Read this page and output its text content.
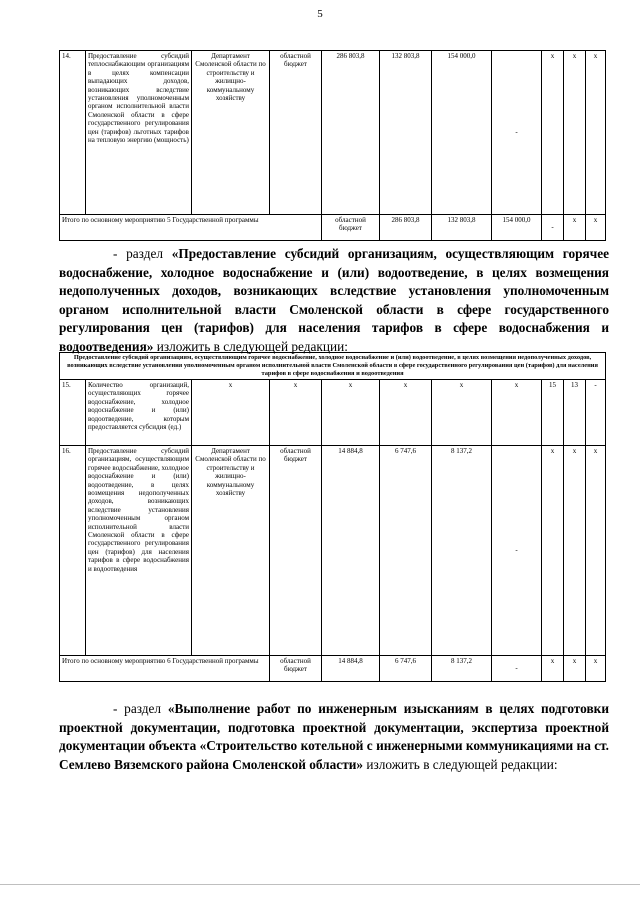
5
14.	Предоставление субсидий теплоснабжающим организациям в целях компенсации выпадающих доходов, возникающих вследствие установления уполномоченным органом исполнительной власти Смоленской области в сфере государственного регулирования цен (тарифов) льготных тарифов на тепловую энергию (мощность)	Департамент Смоленской области по строительству и жилищно-коммунальному хозяйству	областной бюджет	286 803,8	132 803,8	154 000,0	-	х	х	х
Итого по основному мероприятию 5 Государственной программы				областной бюджет	286 803,8	132 803,8	154 000,0	-	х	х
- раздел «Предоставление субсидий организациям, осуществляющим горячее водоснабжение, холодное водоснабжение и (или) водоотведение, в целях возмещения недополученных доходов, возникающих вследствие установления уполномоченным органом исполнительной власти Смоленской области в сфере государственного регулирования цен (тарифов) для населения тарифов в сфере водоснабжения и водоотведения» изложить в следующей редакции:
Предоставление субсидий организациям, осуществляющим горячее водоснабжение, холодное водоснабжение и (или) водоотведение, в целях возмещения недополученных доходов, возникающих вследствие установления уполномоченным органом исполнительной власти Смоленской области в сфере государственного регулирования цен (тарифов) для населения тарифов в сфере водоснабжения и водоотведения										
15.	Количество организаций, осуществляющих горячее водоснабжение, холодное водоснабжение и (или) водоотведение, которым предоставляется субсидия (ед.)	х	х	х	х	х	х	15	13	-
16.	Предоставление субсидий организациям, осуществляющим горячее водоснабжение, холодное водоснабжение и (или) водоотведение, в целях возмещения недополученных доходов, возникающих вследствие установления уполномоченным органом исполнительной власти Смоленской области в сфере государственного регулирования цен (тарифов) для населения тарифов в сфере водоснабжения и водоотведения	Департамент Смоленской области по строительству и жилищно-коммунальному хозяйству	областной бюджет	14 884,8	6 747,6	8 137,2	-	х	х	х
Итого по основному мероприятию 6 Государственной программы			областной бюджет	14 884,8	6 747,6	8 137,2	-	х	х	х
- раздел «Выполнение работ по инженерным изысканиям в целях подготовки проектной документации, подготовка проектной документации, экспертиза проектной документации объекта «Строительство котельной с инженерными коммуникациями на ст. Семлево Вяземского района Смоленской области» изложить в следующей редакции:
